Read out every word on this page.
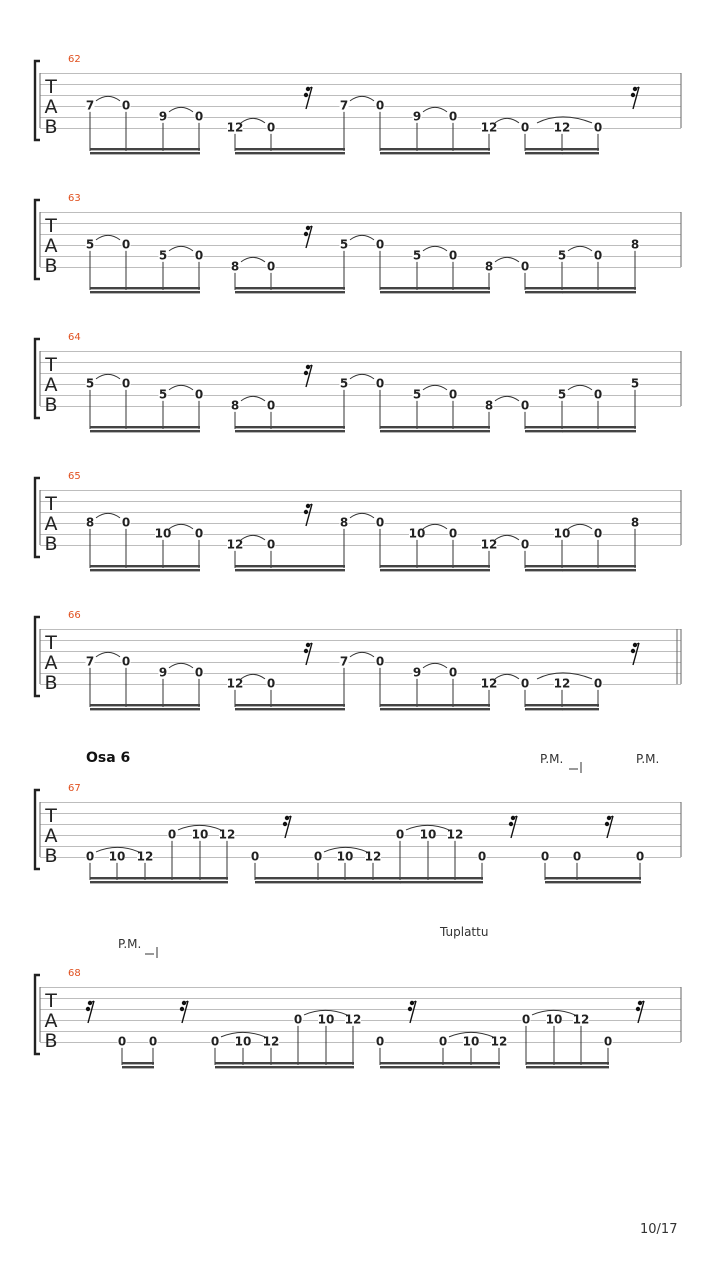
T
A
B
62
7 0
9 0
12 0
7 0
9 0
12 0 12 0
T
A
B
63
5 0
5 0
8 0
5 0
5 0
8 0
5 0
8
T
A
B
64
5 0
5 0
8 0
5 0
5 0
8 0
5 0
5
T
A
B
65
8 0
10 0
12 0
8 0
10 0
12 0
10 0
8
T
A
B
66
7 0
9 0
12 0
7 0
9 0
12 0 12 0
T
A
B
67
0 10 12
0 10 12
0	0 10 12
0 10 12
0	0 0	0
T
A
B
68
0 0	0 10 12
0 10 12
0	0 10 12
0 10 12
0
Osa 6	P.M.	P.M.
P.M.
Tuplattu
10/17
